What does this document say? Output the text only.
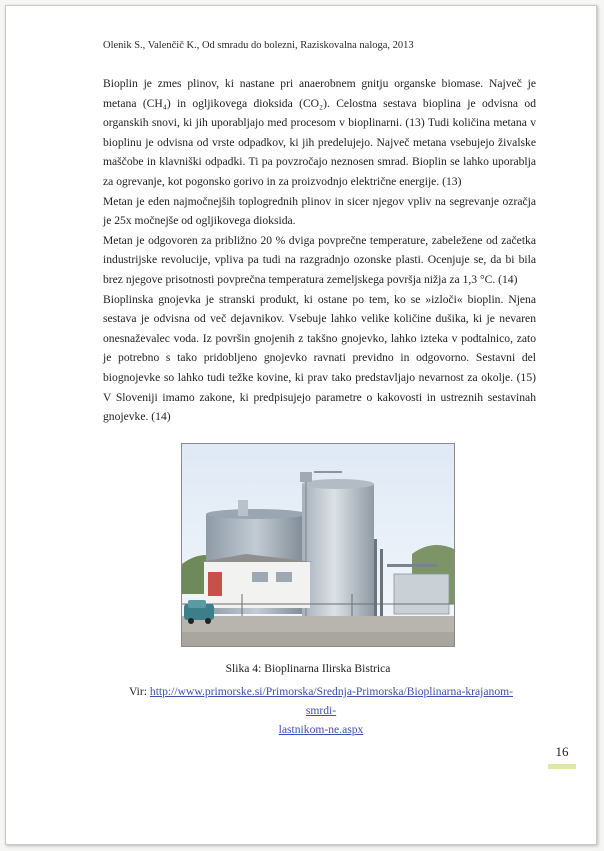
Olenik S., Valenčič K., Od smradu do bolezni, Raziskovalna naloga, 2013

Bioplin je zmes plinov, ki nastane pri anaerobnem gnitju organske biomase. Največ je metana (CH₄) in ogljikovega dioksida (CO₂). Celostna sestava bioplina je odvisna od organskih snovi, ki jih uporabljajo med procesom v bioplinarni. (13) Tudi količina metana v bioplinu je odvisna od vrste odpadkov, ki jih predelujejo. Največ metana vsebujejo živalske maščobe in klavniški odpadki. Ti pa povzročajo neznosen smrad. Bioplin se lahko uporablja za ogrevanje, kot pogonsko gorivo in za proizvodnjo električne energije. (13)

Metan je eden najmočnejših toplogrednih plinov in sicer njegov vpliv na segrevanje ozračja je 25x močnejše od ogljikovega dioksida.

Metan je odgovoren za približno 20 % dviga povprečne temperature, zabeležene od začetka industrijske revolucije, vpliva pa tudi na razgradnjo ozonske plasti. Ocenjuje se, da bi bila brez njegove prisotnosti povprečna temperatura zemeljskega površja nižja za 1,3 °C. (14)

Bioplinska gnojevka je stranski produkt, ki ostane po tem, ko se »izloči« bioplin. Njena sestava je odvisna od več dejavnikov. Vsebuje lahko velike količine dušika, ki je nevaren onesnaževalec voda. Iz površin gnojenih z takšno gnojevko, lahko izteka v podtalnico, zato je potrebno s tako pridobljeno gnojevko ravnati previdno in odgovorno. Sestavni del biognojevke so lahko tudi težke kovine, ki prav tako predstavljajo nevarnost za okolje. (15) V Sloveniji imamo zakone, ki predpisujejo parametre o kakovosti in ustreznih sestavinah gnojevke. (14)

Slika 4: Bioplinarna Ilirska Bistrica
Vir: http://www.primorske.si/Primorska/Srednja-Primorska/Bioplinarna-krajanom-smrdi-
lastnikom-ne.aspx
16
